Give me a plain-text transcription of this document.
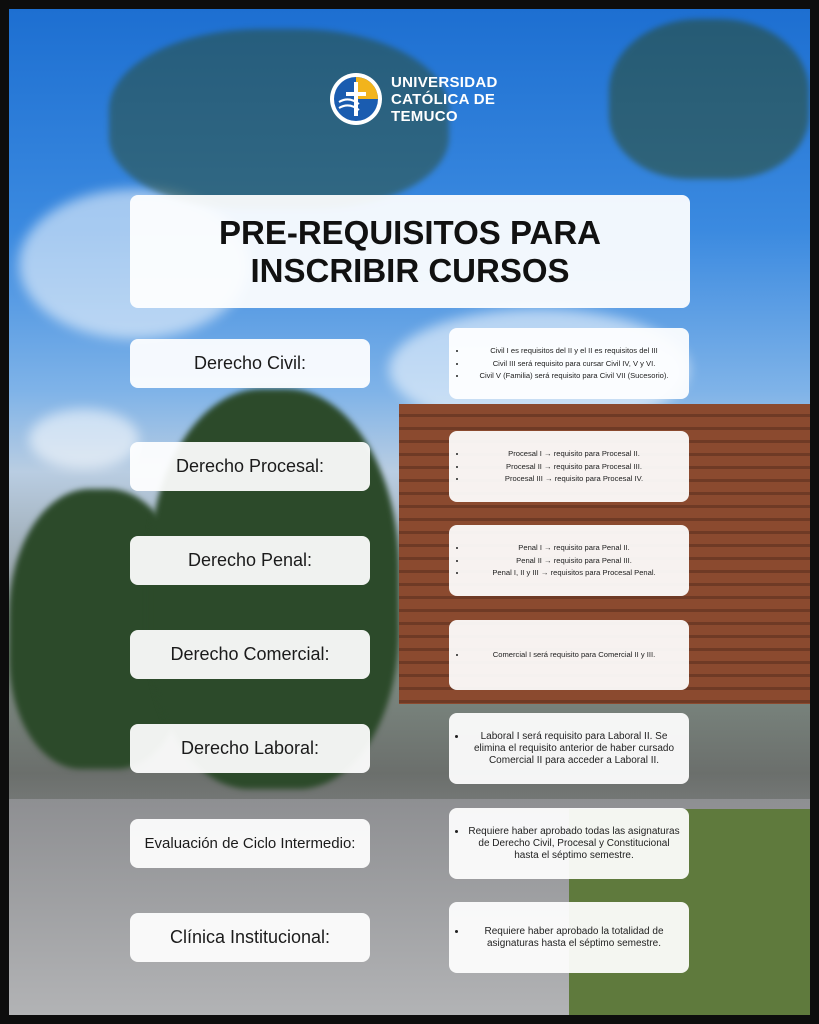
UNIVERSIDAD
CATÓLICA DE
TEMUCO
PRE-REQUISITOS PARA INSCRIBIR CURSOS
Derecho Civil:
• Civil I es requisitos del II y el II es requisitos del III
• Civil III será requisito para cursar Civil IV, V y VI.
• Civil V (Familia) será requisito para Civil VII (Sucesorio).
Derecho Procesal:
• Procesal I → requisito para Procesal II.
• Procesal II → requisito para Procesal III.
• Procesal III → requisito para Procesal IV.
Derecho Penal:
• Penal I → requisito para Penal II.
• Penal II → requisito para Penal III.
• Penal I, II y III → requisitos para Procesal Penal.
Derecho Comercial:	• Comercial I será requisito para Comercial II y III.
Derecho Laboral:
• Laboral I será requisito para Laboral II. Se elimina el requisito anterior de haber cursado Comercial II para acceder a Laboral II.
Evaluación de Ciclo Intermedio:
• Requiere haber aprobado todas las asignaturas de Derecho Civil, Procesal y Constitucional hasta el séptimo semestre.
Clínica Institucional:	• Requiere haber aprobado la totalidad de asignaturas hasta el séptimo semestre.
